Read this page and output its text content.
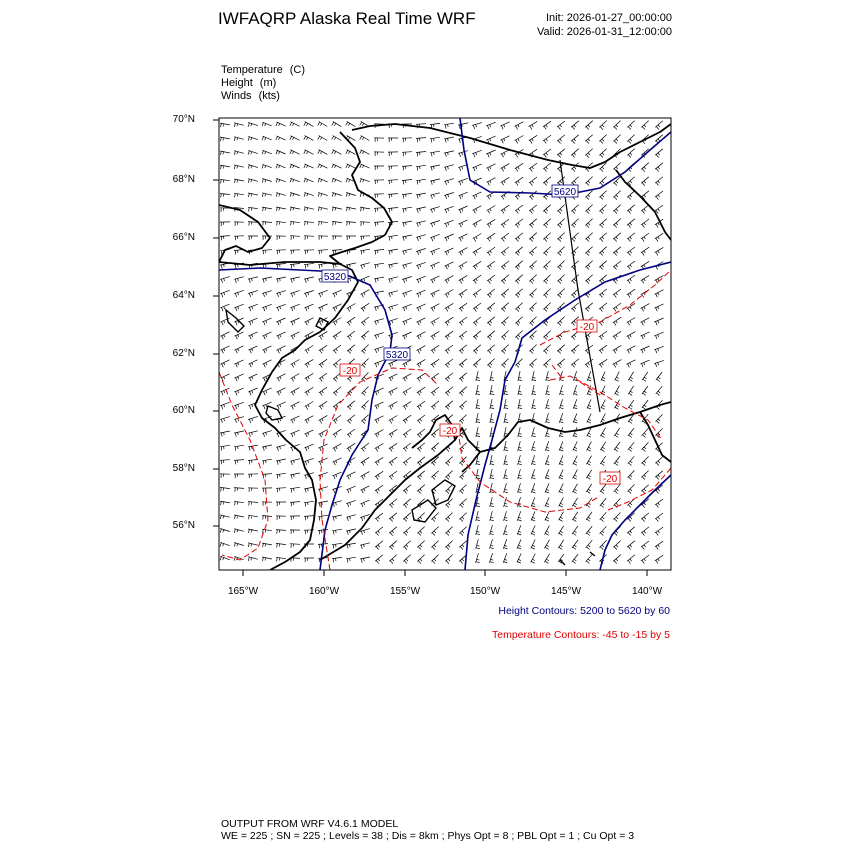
IWFAQRP Alaska Real Time WRF	Init: 2026-01-27_00:00:00
Valid: 2026-01-31_12:00:00
Temperature (C)
Height (m)
Winds (kts)
5620
5320
5320
-20
-20
-20
-20
70°N
68°N
66°N
64°N
62°N
60°N
58°N
56°N
165°W	160°W	155°W	150°W	145°W	140°W
Height Contours: 5200 to 5620 by 60
Temperature Contours: -45 to -15 by 5
OUTPUT FROM WRF V4.6.1 MODEL
WE = 225 ; SN = 225 ; Levels = 38 ; Dis = 8km ; Phys Opt = 8 ; PBL Opt = 1 ; Cu Opt = 3
